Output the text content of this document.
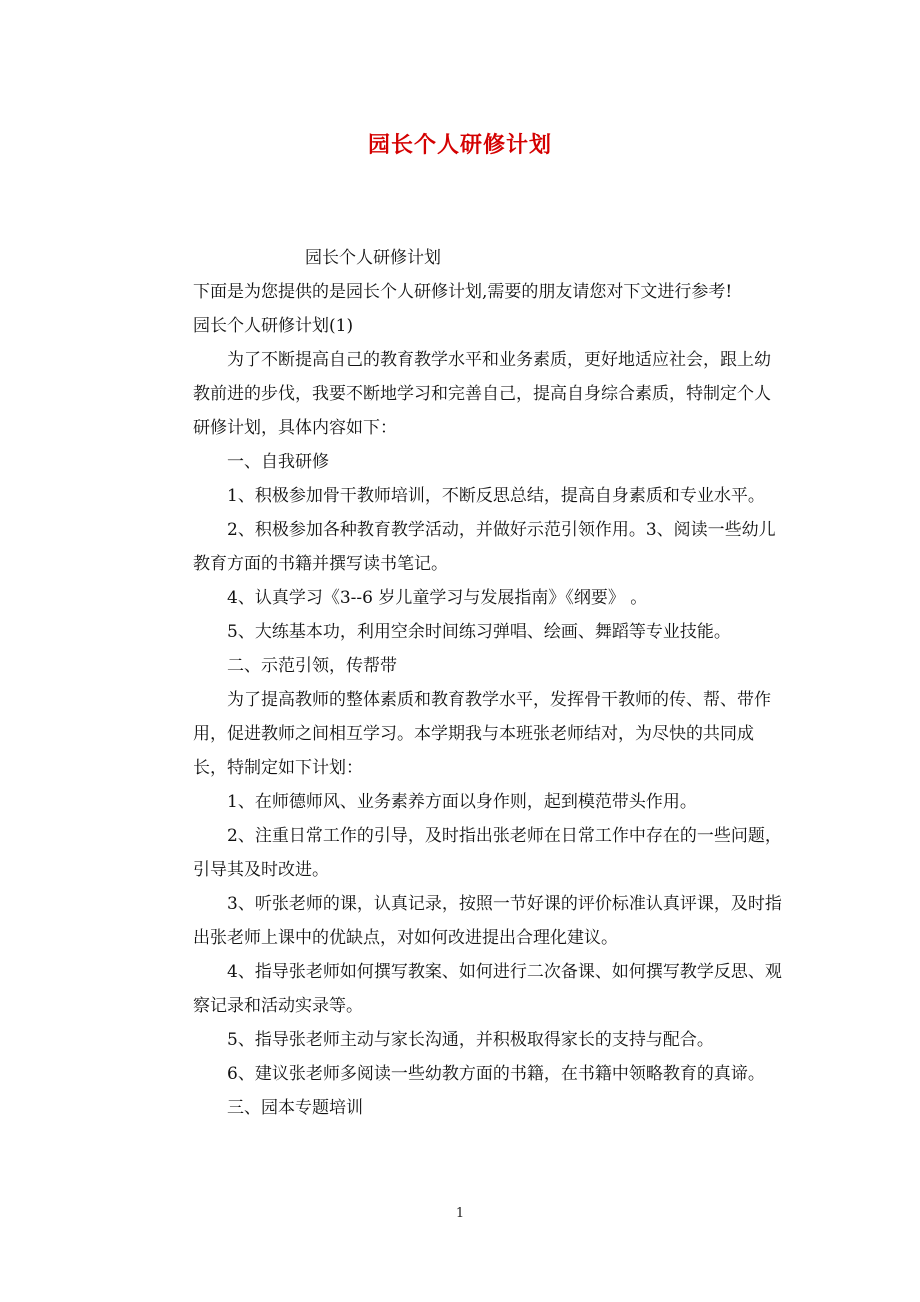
园长个人研修计划

园长个人研修计划

下面是为您提供的是园长个人研修计划,需要的朋友请您对下文进行参考!

园长个人研修计划(1)

为了不断提高自己的教育教学水平和业务素质，更好地适应社会，跟上幼教前进的步伐，我要不断地学习和完善自己，提高自身综合素质，特制定个人研修计划，具体内容如下：

一、自我研修

1、积极参加骨干教师培训，不断反思总结，提高自身素质和专业水平。

2、积极参加各种教育教学活动，并做好示范引领作用。3、阅读一些幼儿教育方面的书籍并撰写读书笔记。

4、认真学习《3--6 岁儿童学习与发展指南》《纲要》 。

5、大练基本功，利用空余时间练习弹唱、绘画、舞蹈等专业技能。

二、示范引领，传帮带

为了提高教师的整体素质和教育教学水平，发挥骨干教师的传、帮、带作用，促进教师之间相互学习。本学期我与本班张老师结对，为尽快的共同成长，特制定如下计划：

1、在师德师风、业务素养方面以身作则，起到模范带头作用。

2、注重日常工作的引导，及时指出张老师在日常工作中存在的一些问题，引导其及时改进。

3、听张老师的课，认真记录，按照一节好课的评价标准认真评课，及时指出张老师上课中的优缺点，对如何改进提出合理化建议。

4、指导张老师如何撰写教案、如何进行二次备课、如何撰写教学反思、观察记录和活动实录等。

5、指导张老师主动与家长沟通，并积极取得家长的支持与配合。

6、建议张老师多阅读一些幼教方面的书籍，在书籍中领略教育的真谛。

三、园本专题培训

1
